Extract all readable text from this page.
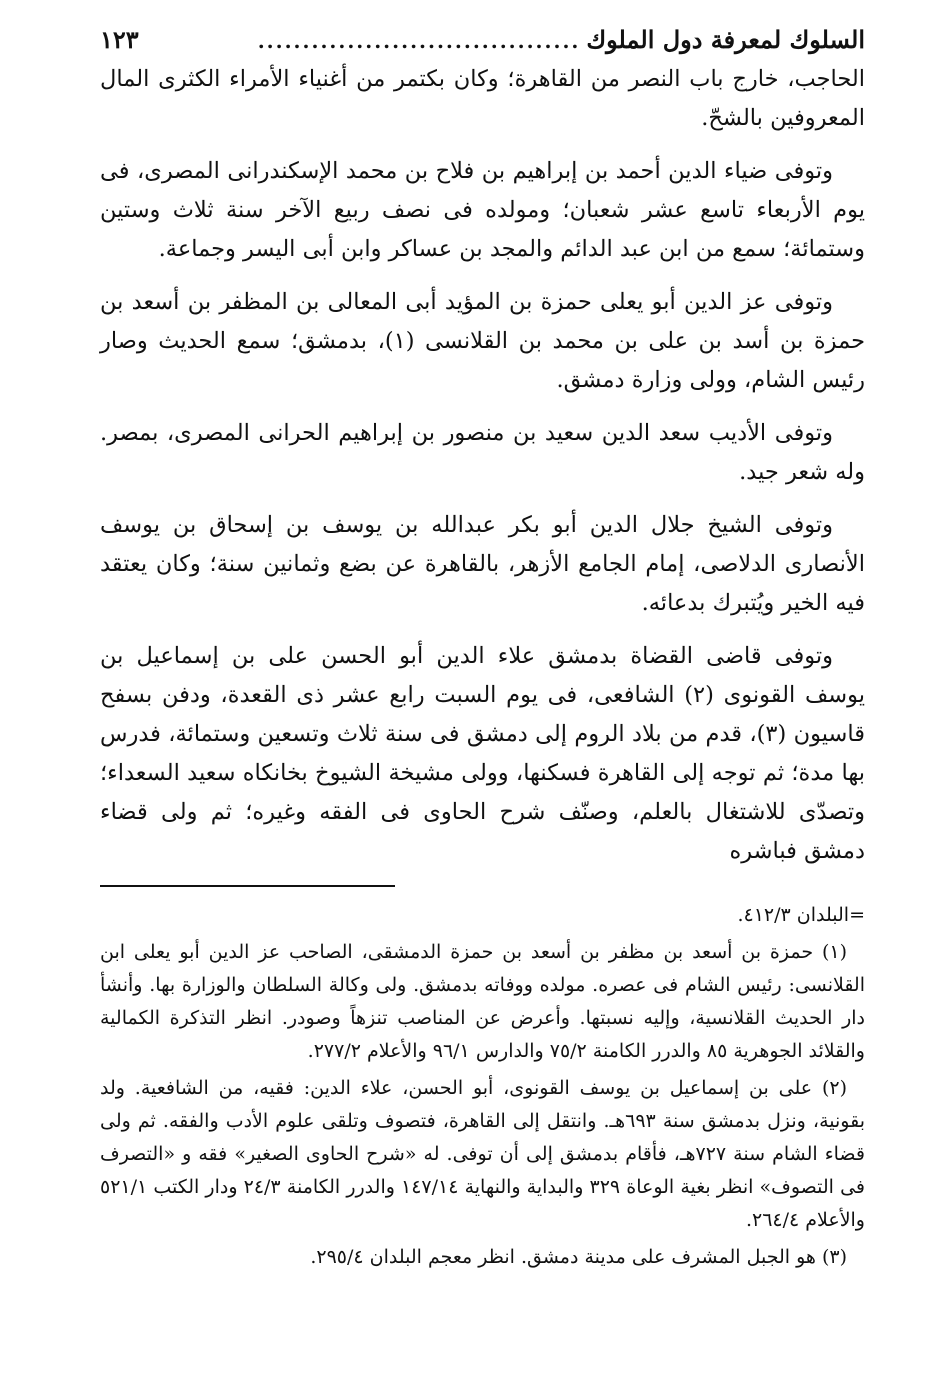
السلوك لمعرفة دول الملوك
....................................
١٢٣

الحاجب، خارج باب النصر من القاهرة؛ وكان بكتمر من أغنياء الأمراء الكثرى المال المعروفين بالشحّ.

وتوفى ضياء الدين أحمد بن إبراهيم بن فلاح بن محمد الإسكندرانى المصرى، فى يوم الأربعاء تاسع عشر شعبان؛ ومولده فى نصف ربيع الآخر سنة ثلاث وستين وستمائة؛ سمع من ابن عبد الدائم والمجد بن عساكر وابن أبى اليسر وجماعة.

وتوفى عز الدين أبو يعلى حمزة بن المؤيد أبى المعالى بن المظفر بن أسعد بن حمزة بن أسد بن على بن محمد بن القلانسى (١)، بدمشق؛ سمع الحديث وصار رئيس الشام، وولى وزارة دمشق.

وتوفى الأديب سعد الدين سعيد بن منصور بن إبراهيم الحرانى المصرى، بمصر. وله شعر جيد.

وتوفى الشيخ جلال الدين أبو بكر عبدالله بن يوسف بن إسحاق بن يوسف الأنصارى الدلاصى، إمام الجامع الأزهر، بالقاهرة عن بضع وثمانين سنة؛ وكان يعتقد فيه الخير ويُتبرك بدعائه.

وتوفى قاضى القضاة بدمشق علاء الدين أبو الحسن على بن إسماعيل بن يوسف القونوى (٢) الشافعى، فى يوم السبت رابع عشر ذى القعدة، ودفن بسفح قاسيون (٣)، قدم من بلاد الروم إلى دمشق فى سنة ثلاث وتسعين وستمائة، فدرس بها مدة؛ ثم توجه إلى القاهرة فسكنها، وولى مشيخة الشيوخ بخانكاه سعيد السعداء؛ وتصدّى للاشتغال بالعلم، وصنّف شرح الحاوى فى الفقه وغيره؛ ثم ولى قضاء دمشق فباشره

=البلدان ٤١٢/٣.

(١) حمزة بن أسعد بن مظفر بن أسعد بن حمزة الدمشقى، الصاحب عز الدين أبو يعلى ابن القلانسى: رئيس الشام فى عصره. مولده ووفاته بدمشق. ولى وكالة السلطان والوزارة بها. وأنشأ دار الحديث القلانسية، وإليه نسبتها. وأعرض عن المناصب تنزهاً وصودر. انظر التذكرة الكمالية والقلائد الجوهرية ٨٥ والدرر الكامنة ٧٥/٢ والدارس ٩٦/١ والأعلام ٢٧٧/٢.

(٢) على بن إسماعيل بن يوسف القونوى، أبو الحسن، علاء الدين: فقيه، من الشافعية. ولد بقونية، ونزل بدمشق سنة ٦٩٣هـ. وانتقل إلى القاهرة، فتصوف وتلقى علوم الأدب والفقه. ثم ولى قضاء الشام سنة ٧٢٧هـ، فأقام بدمشق إلى أن توفى. له «شرح الحاوى الصغير» فقه و «التصرف فى التصوف» انظر بغية الوعاة ٣٢٩ والبداية والنهاية ١٤٧/١٤ والدرر الكامنة ٢٤/٣ ودار الكتب ٥٢١/١ والأعلام ٢٦٤/٤.

(٣) هو الجبل المشرف على مدينة دمشق. انظر معجم البلدان ٢٩٥/٤.
